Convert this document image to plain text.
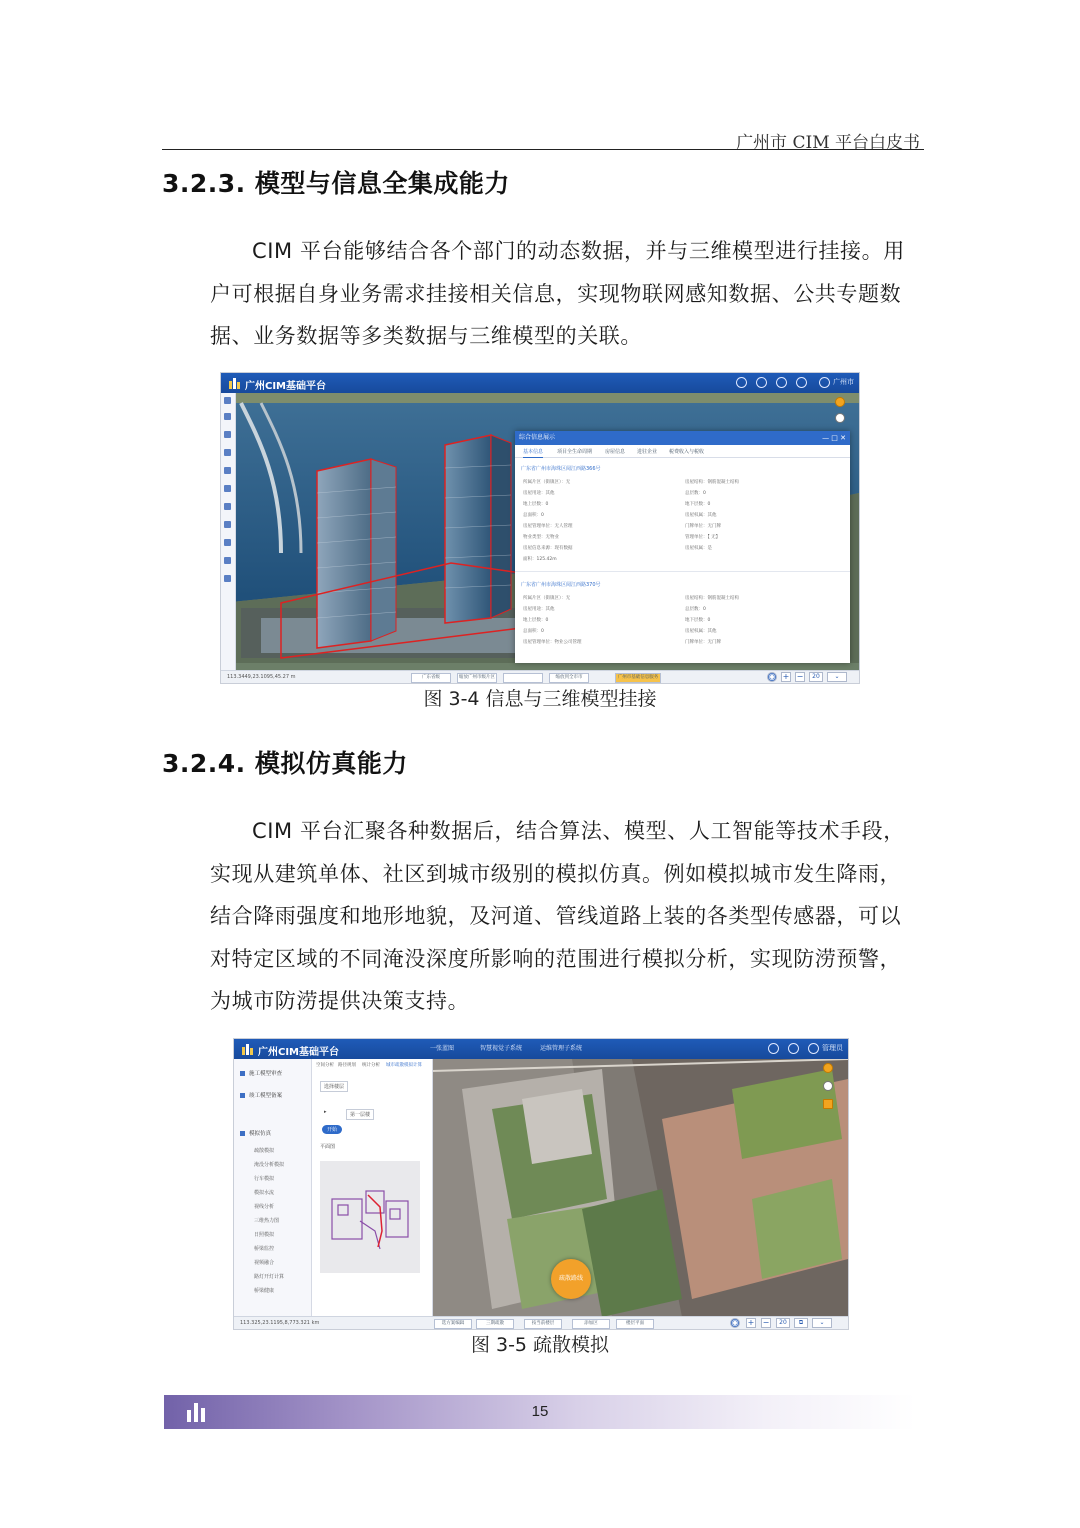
广州市 CIM 平台白皮书
3.2.3. 模型与信息全集成能力
CIM 平台能够结合各个部门的动态数据，并与三维模型进行挂接。用
户可根据自身业务需求挂接相关信息，实现物联网感知数据、公共专题数
据、业务数据等多类数据与三维模型的关联。
广州CIM基础平台	广州市
综合信息展示	— □ ✕
基本信息	项目全生命周期	房屋信息 进驻企业 税费收入与税收
广东省广州市海珠区阅江西路366号
所属片区（街镇区）：无
房屋用途：其他
地上层数：0
总面积：0
房屋管理单位：无人管理
物业类型：无物业
房屋信息来源：现有数据
面积：125.42m
房屋结构：钢筋混凝土结构
总层数：0
地下层数：0
房屋权属：其他
门牌单位：无门牌
管理单位：【 无】
房屋权属：是
广东省广州市海珠区阅江西路370号
所属片区（街镇区）：无
房屋用途：其他
地上层数：0
总面积：0
房屋管理单位：物业公司管理
房屋结构：钢筋混凝土结构
总层数：0
地下层数：0
房屋权属：其他
门牌单位：无门牌
113.3449,23.1095,45.27 m	广东省级	缩放广州市级片区	缩放到全市市	广州市基础信息服务	◉ + −	20	⌄
图 3-4 信息与三维模型挂接
3.2.4. 模拟仿真能力
CIM 平台汇聚各种数据后，结合算法、模型、人工智能等技术手段，
实现从建筑单体、社区到城市级别的模拟仿真。例如模拟城市发生降雨，
结合降雨强度和地形地貌，及河道、管线道路上装的各类型传感器，可以
对特定区域的不同淹没深度所影响的范围进行模拟分析，实现防涝预警，
为城市防涝提供决策支持。
疏散路线
广州CIM基础平台	一张蓝图	智慧视觉子系统	运维管理子系统	管理员
施工模型审查
竣工模型备案
模拟仿真
疏散模拟
淹没分析模拟
行车模拟
模拟水流
视线分析
三维热力图
日照模拟
桥梁监控
视频融合
路灯开灯计算
桥梁健康
空间分析 路径规划 统计分析 城市疏散模拟计算
选择楼层
▸	第一层楼
开始
平面图
113.325,23.1195,8,773.321 km	选方案编辑	三期疏散	按当前楼层	添加区	楼层平面	◉ + −	20	⧉	⌄
图 3-5 疏散模拟
15
